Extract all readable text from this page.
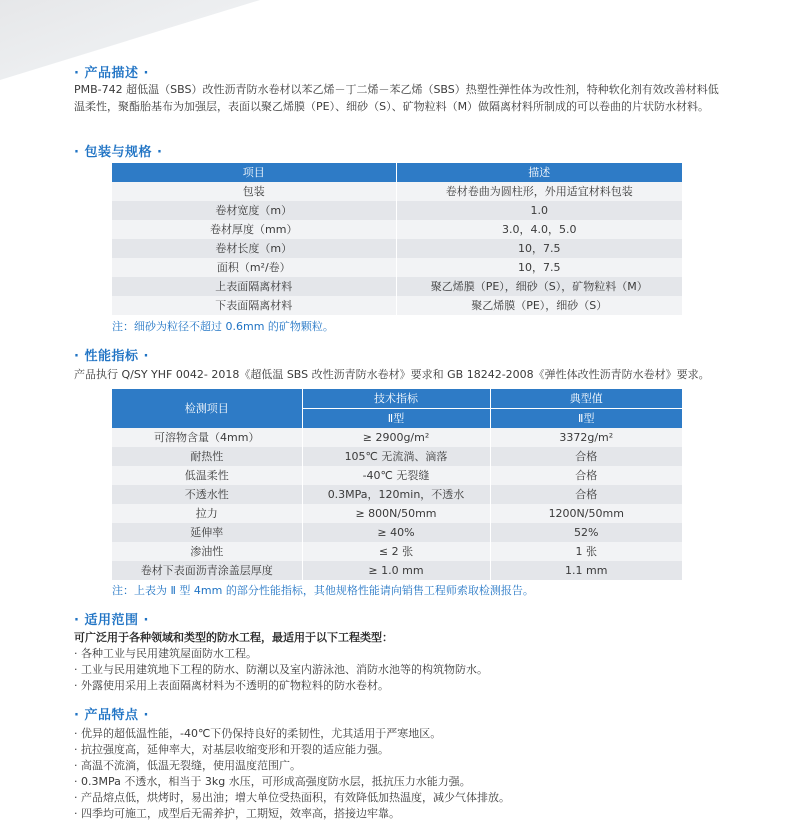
· 产品描述 ·
PMB-742 超低温（SBS）改性沥青防水卷材以苯乙烯－丁二烯－苯乙烯（SBS）热塑性弹性体为改性剂，特种软化剂有效改善材料低温柔性，聚酯胎基布为加强层，表面以聚乙烯膜（PE）、细砂（S）、矿物粒料（M）做隔离材料所制成的可以卷曲的片状防水材料。
· 包装与规格 ·
项目	描述
包装	卷材卷曲为圆柱形，外用适宜材料包装
卷材宽度（m）	1.0
卷材厚度（mm）	3.0，4.0，5.0
卷材长度（m）	10，7.5
面积（m²/卷）	10，7.5
上表面隔离材料	聚乙烯膜（PE），细砂（S），矿物粒料（M）
下表面隔离材料	聚乙烯膜（PE），细砂（S）
注：细砂为粒径不超过 0.6mm 的矿物颗粒。
· 性能指标 ·
产品执行 Q/SY YHF 0042- 2018《超低温 SBS 改性沥青防水卷材》要求和 GB 18242-2008《弹性体改性沥青防水卷材》要求。
检测项目	技术指标	典型值
	Ⅱ型	Ⅱ型
可溶物含量（4mm）	≥ 2900g/m²	3372g/m²
耐热性	105℃ 无流淌、滴落	合格
低温柔性	-40℃ 无裂缝	合格
不透水性	0.3MPa，120min，不透水	合格
拉力	≥ 800N/50mm	1200N/50mm
延伸率	≥ 40%	52%
渗油性	≤ 2 张	1 张
卷材下表面沥青涂盖层厚度	≥ 1.0 mm	1.1 mm
注：上表为 Ⅱ 型 4mm 的部分性能指标，其他规格性能请向销售工程师索取检测报告。
· 适用范围 ·
可广泛用于各种领域和类型的防水工程，最适用于以下工程类型：
· 各种工业与民用建筑屋面防水工程。
· 工业与民用建筑地下工程的防水、防潮以及室内游泳池、消防水池等的构筑物防水。
· 外露使用采用上表面隔离材料为不透明的矿物粒料的防水卷材。
· 产品特点 ·
· 优异的超低温性能，-40℃下仍保持良好的柔韧性，尤其适用于严寒地区。
· 抗拉强度高，延伸率大，对基层收缩变形和开裂的适应能力强。
· 高温不流淌，低温无裂缝，使用温度范围广。
· 0.3MPa 不透水，相当于 3kg 水压，可形成高强度防水层，抵抗压力水能力强。
· 产品熔点低，烘烤时，易出油；增大单位受热面积，有效降低加热温度，减少气体排放。
· 四季均可施工，成型后无需养护，工期短，效率高，搭接边牢靠。
